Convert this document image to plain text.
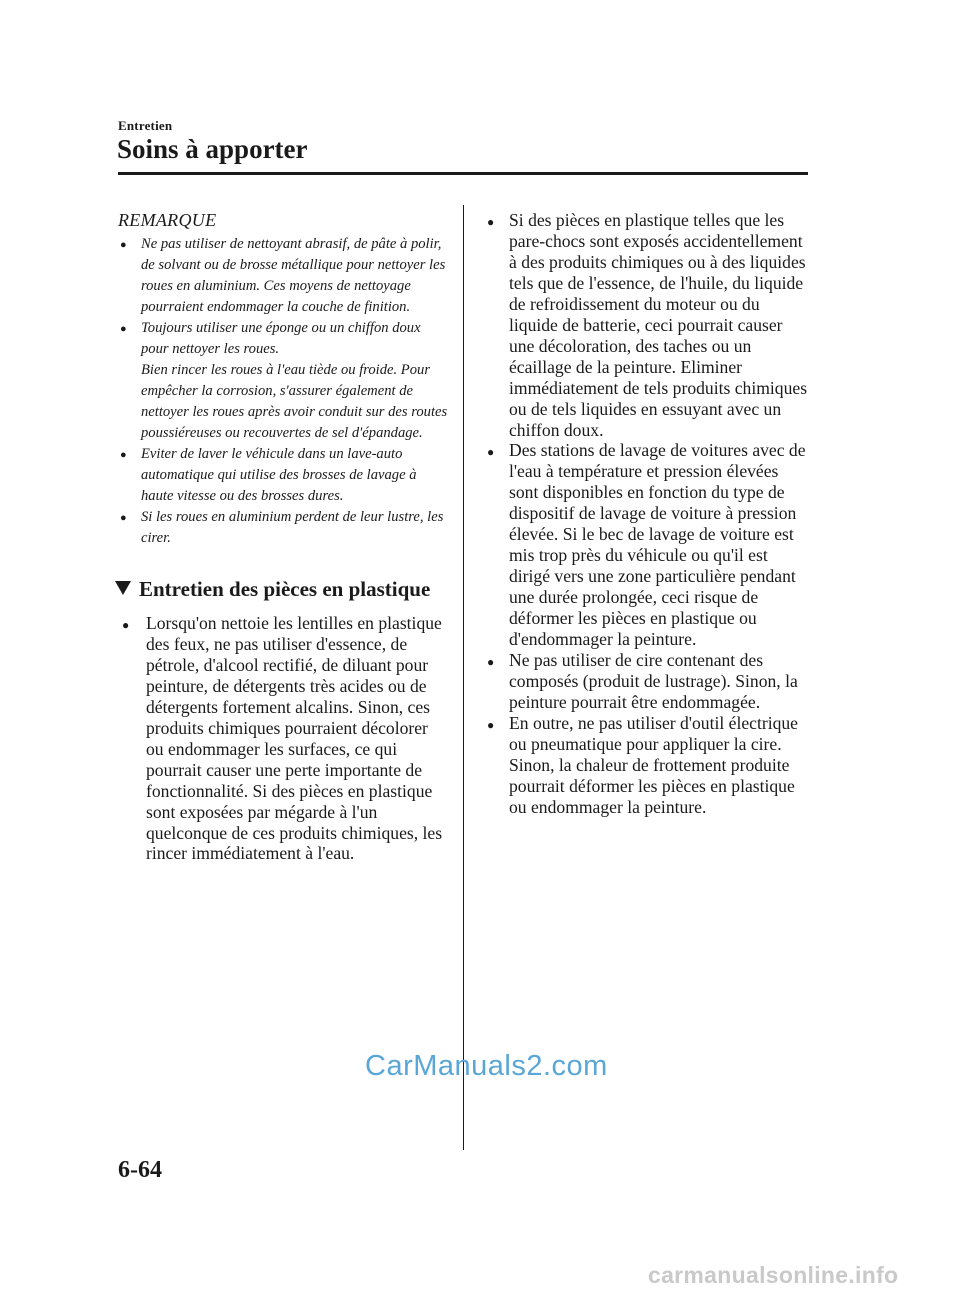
Entretien
Soins à apporter
REMARQUE
● Ne pas utiliser de nettoyant abrasif, de pâte à polir, de solvant ou de brosse métallique pour nettoyer les roues en aluminium. Ces moyens de nettoyage pourraient endommager la couche de finition.
● Toujours utiliser une éponge ou un chiffon doux pour nettoyer les roues.
Bien rincer les roues à l'eau tiède ou froide. Pour empêcher la corrosion, s'assurer également de nettoyer les roues après avoir conduit sur des routes poussiéreuses ou recouvertes de sel d'épandage.
● Eviter de laver le véhicule dans un lave-auto automatique qui utilise des brosses de lavage à haute vitesse ou des brosses dures.
● Si les roues en aluminium perdent de leur lustre, les cirer.
Entretien des pièces en plastique
● Lorsqu'on nettoie les lentilles en plastique des feux, ne pas utiliser d'essence, de pétrole, d'alcool rectifié, de diluant pour peinture, de détergents très acides ou de détergents fortement alcalins. Sinon, ces produits chimiques pourraient décolorer ou endommager les surfaces, ce qui pourrait causer une perte importante de fonctionnalité. Si des pièces en plastique sont exposées par mégarde à l'un quelconque de ces produits chimiques, les rincer immédiatement à l'eau.
● Si des pièces en plastique telles que les pare-chocs sont exposés accidentellement à des produits chimiques ou à des liquides tels que de l'essence, de l'huile, du liquide de refroidissement du moteur ou du liquide de batterie, ceci pourrait causer une décoloration, des taches ou un écaillage de la peinture. Eliminer immédiatement de tels produits chimiques ou de tels liquides en essuyant avec un chiffon doux.
● Des stations de lavage de voitures avec de l'eau à température et pression élevées sont disponibles en fonction du type de dispositif de lavage de voiture à pression élevée. Si le bec de lavage de voiture est mis trop près du véhicule ou qu'il est dirigé vers une zone particulière pendant une durée prolongée, ceci risque de déformer les pièces en plastique ou d'endommager la peinture.
● Ne pas utiliser de cire contenant des composés (produit de lustrage). Sinon, la peinture pourrait être endommagée.
● En outre, ne pas utiliser d'outil électrique ou pneumatique pour appliquer la cire. Sinon, la chaleur de frottement produite pourrait déformer les pièces en plastique ou endommager la peinture.
CarManuals2.com
6-64
carmanualsonline.info
